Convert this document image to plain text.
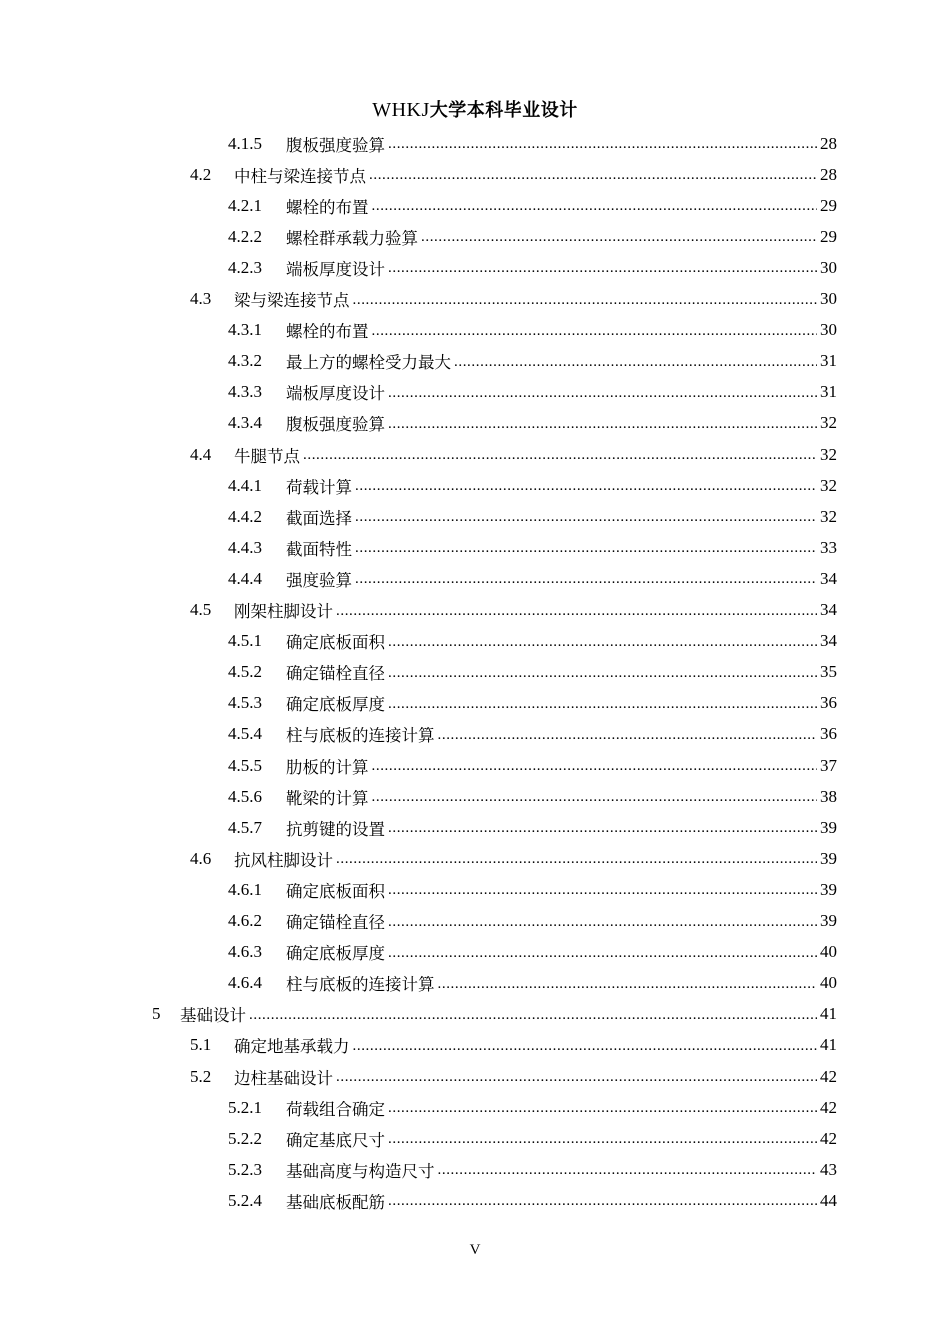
WHKJ大学本科毕业设计
4.1.5	腹板强度验算 .....	28
4.2	中柱与梁连接节点 .....	28
4.2.1	螺栓的布置 .....	29
4.2.2	螺栓群承载力验算 .....	29
4.2.3	端板厚度设计 .....	30
4.3	梁与梁连接节点 .....	30
4.3.1	螺栓的布置 .....	30
4.3.2	最上方的螺栓受力最大 .....	31
4.3.3	端板厚度设计 .....	31
4.3.4	腹板强度验算 .....	32
4.4	牛腿节点 .....	32
4.4.1	荷载计算 .....	32
4.4.2	截面选择 .....	32
4.4.3	截面特性 .....	33
4.4.4	强度验算 .....	34
4.5	刚架柱脚设计 .....	34
4.5.1	确定底板面积 .....	34
4.5.2	确定锚栓直径 .....	35
4.5.3	确定底板厚度 .....	36
4.5.4	柱与底板的连接计算 .....	36
4.5.5	肋板的计算 .....	37
4.5.6	靴梁的计算 .....	38
4.5.7	抗剪键的设置 .....	39
4.6	抗风柱脚设计 .....	39
4.6.1	确定底板面积 .....	39
4.6.2	确定锚栓直径 .....	39
4.6.3	确定底板厚度 .....	40
4.6.4	柱与底板的连接计算 .....	40
5	基础设计 .....	41
5.1	确定地基承载力 .....	41
5.2	边柱基础设计 .....	42
5.2.1	荷载组合确定 .....	42
5.2.2	确定基底尺寸 .....	42
5.2.3	基础高度与构造尺寸 .....	43
5.2.4	基础底板配筋 .....	44
V
